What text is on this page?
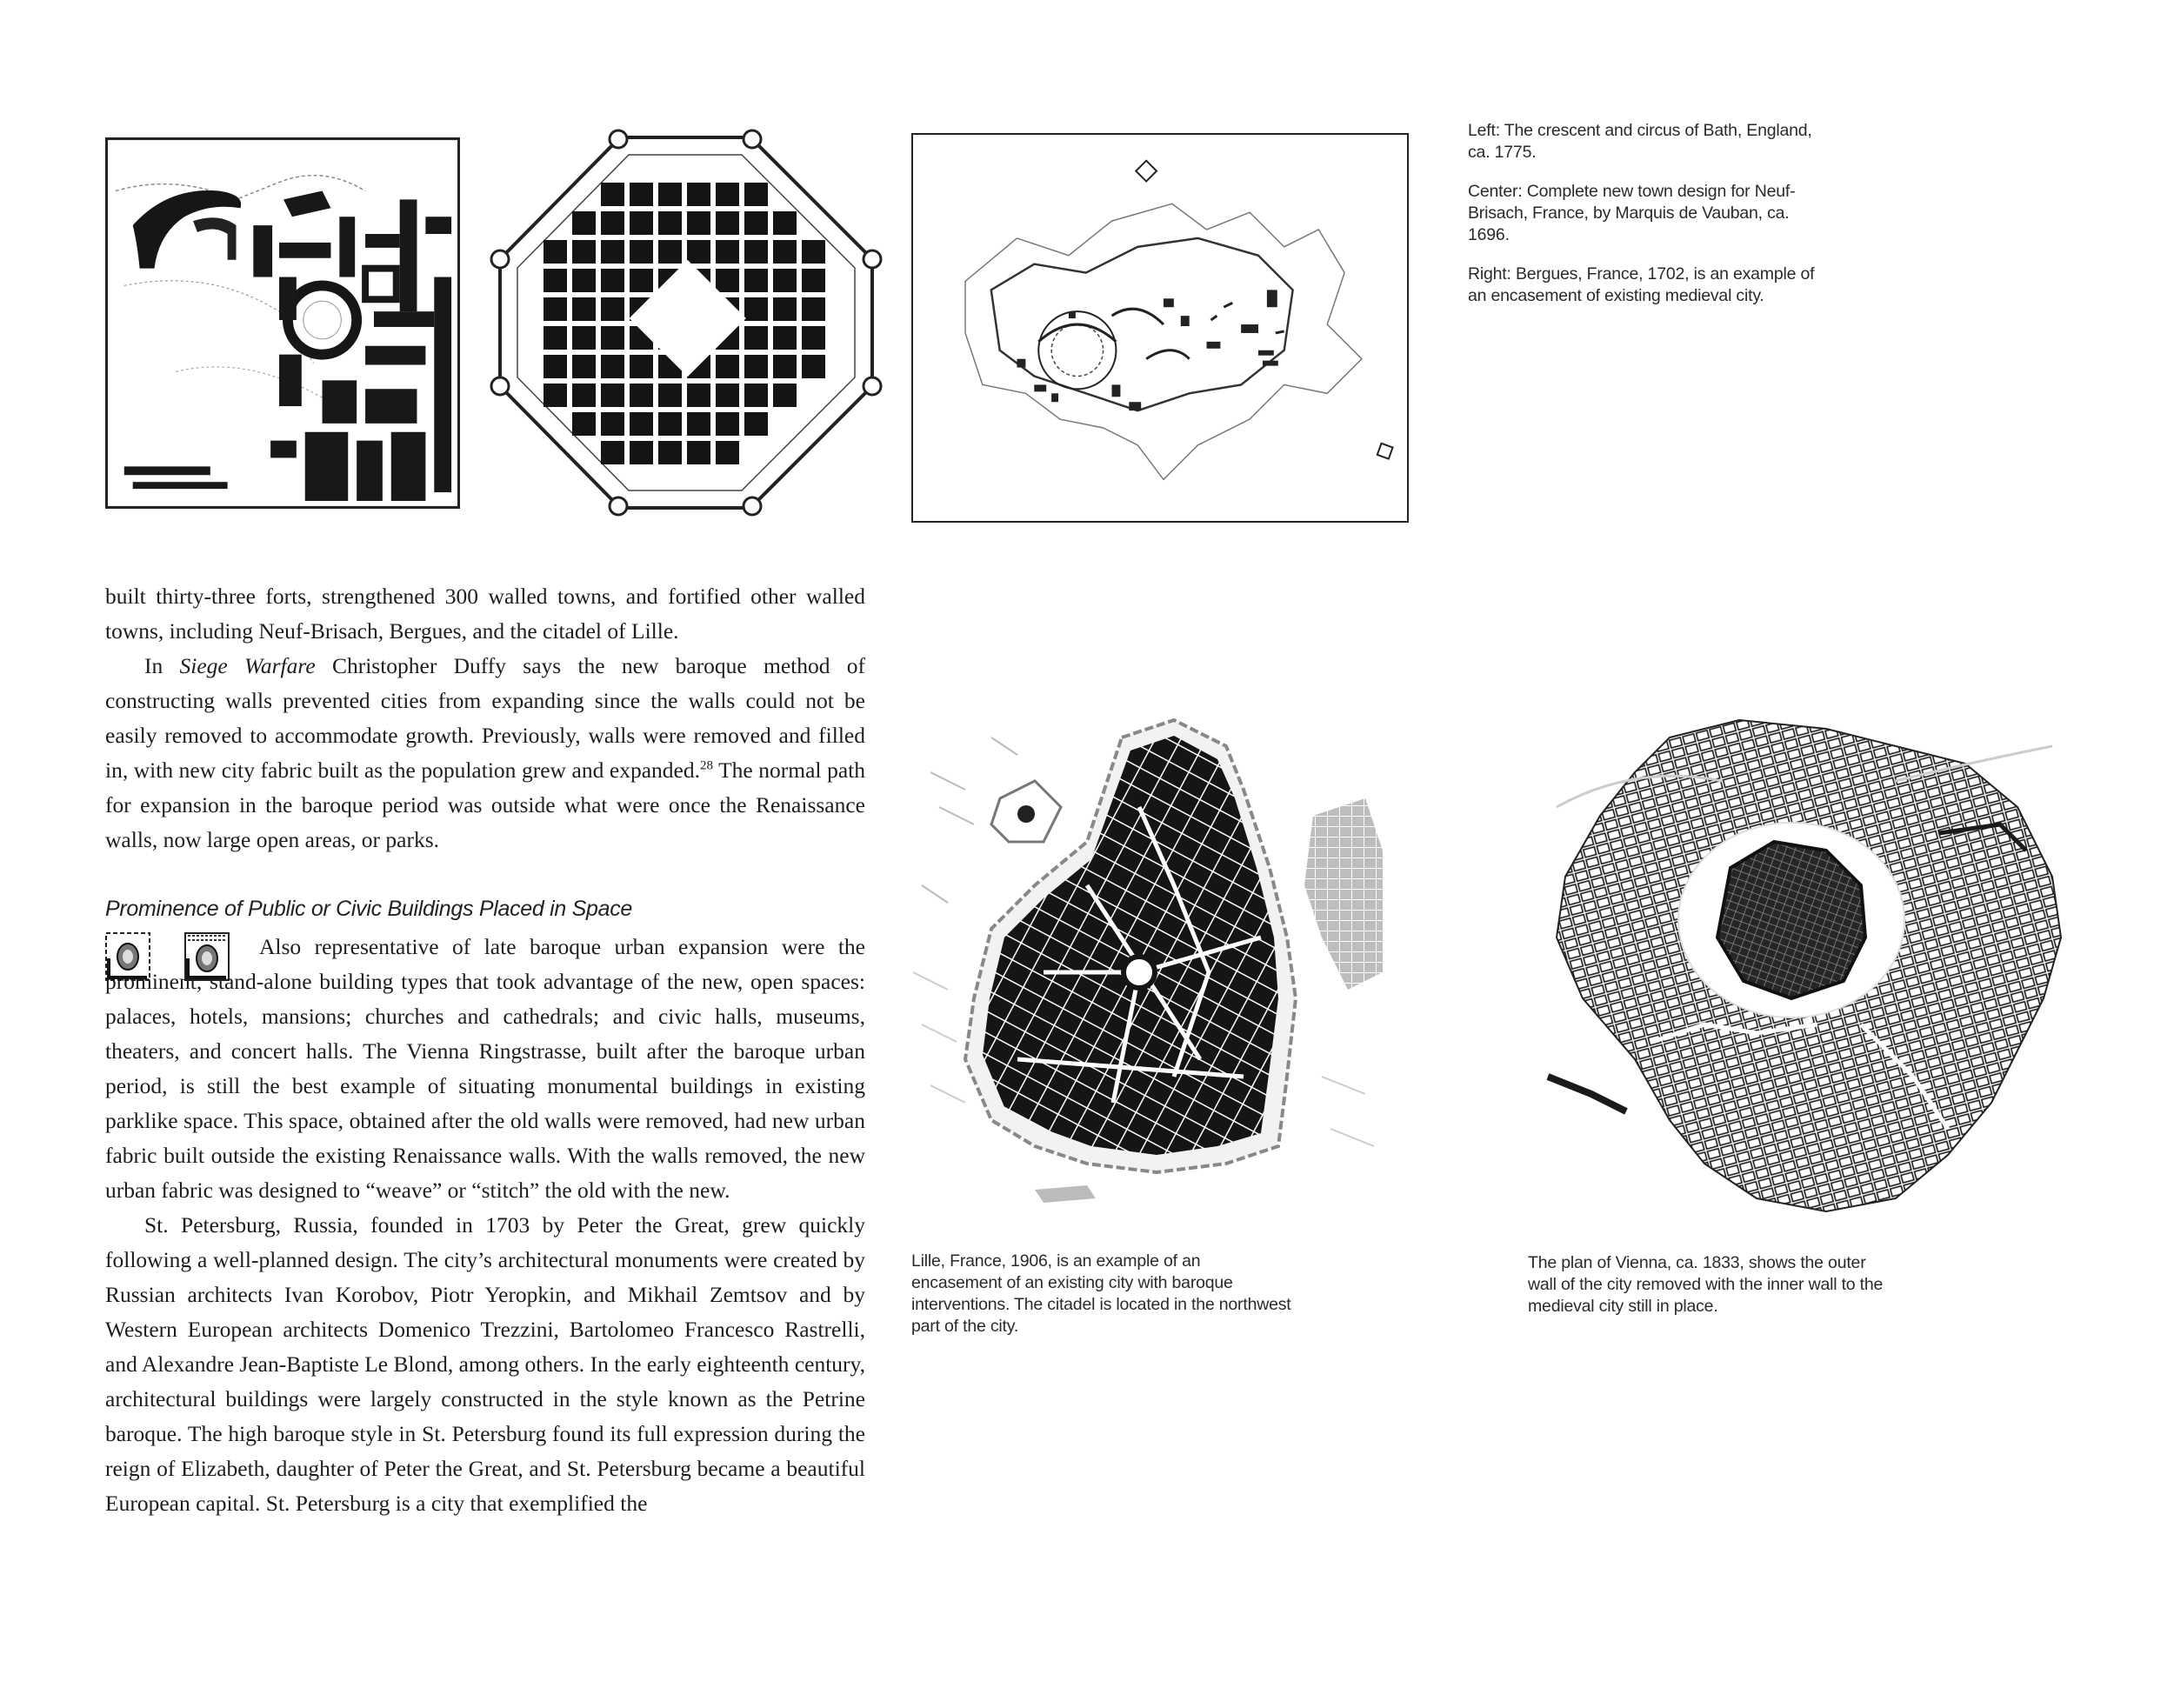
Left: The crescent and circus of Bath, England, ca. 1775.

Center: Complete new town design for Neuf-Brisach, France, by Marquis de Vauban, ca. 1696.

Right: Bergues, France, 1702, is an example of an encasement of existing medieval city.

Lille, France, 1906, is an example of an encasement of an existing city with baroque interventions. The citadel is located in the northwest part of the city.

The plan of Vienna, ca. 1833, shows the outer wall of the city removed with the inner wall to the medieval city still in place.

built thirty-three forts, strengthened 300 walled towns, and fortified other walled towns, including Neuf-Brisach, Bergues, and the citadel of Lille.

In Siege Warfare Christopher Duffy says the new baroque method of constructing walls prevented cities from expanding since the walls could not be easily removed to accommodate growth. Previously, walls were removed and filled in, with new city fabric built as the population grew and expanded.$^{28}$ The normal path for expansion in the baroque period was outside what were once the Renaissance walls, now large open areas, or parks.

Prominence of Public or Civic Buildings Placed in Space

Also representative of late baroque urban expansion were the prominent, stand-alone building types that took advantage of the new, open spaces: palaces, hotels, mansions; churches and cathedrals; and civic halls, museums, theaters, and concert halls. The Vienna Ringstrasse, built after the baroque urban period, is still the best example of situating monumental buildings in existing parklike space. This space, obtained after the old walls were removed, had new urban fabric built outside the existing Renaissance walls. With the walls removed, the new urban fabric was designed to “weave” or “stitch” the old with the new.

St. Petersburg, Russia, founded in 1703 by Peter the Great, grew quickly following a well-planned design. The city’s architectural monuments were created by Russian architects Ivan Korobov, Piotr Yeropkin, and Mikhail Zemtsov and by Western European architects Domenico Trezzini, Bartolomeo Francesco Rastrelli, and Alexandre Jean-Baptiste Le Blond, among others. In the early eighteenth century, architectural buildings were largely constructed in the style known as the Petrine baroque. The high baroque style in St. Petersburg found its full expression during the reign of Elizabeth, daughter of Peter the Great, and St. Petersburg became a beautiful European capital. St. Petersburg is a city that exemplified the
